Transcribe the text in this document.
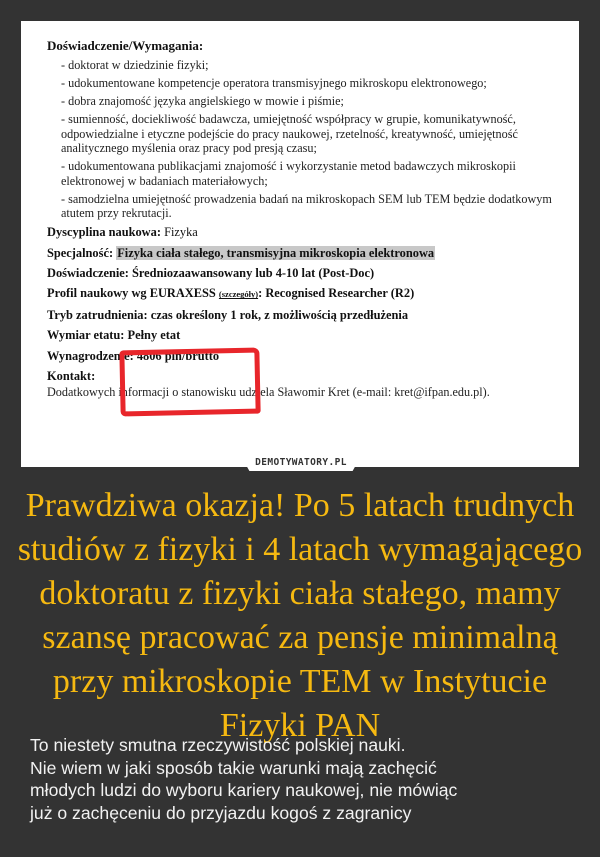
Doświadczenie/Wymagania:
- doktorat w dziedzinie fizyki;
- udokumentowane kompetencje operatora transmisyjnego mikroskopu elektronowego;
- dobra znajomość języka angielskiego w mowie i piśmie;
- sumienność, dociekliwość badawcza, umiejętność współpracy w grupie, komunikatywność, odpowiedzialne i etyczne podejście do pracy naukowej, rzetelność, kreatywność, umiejętność analitycznego myślenia oraz pracy pod presją czasu;
- udokumentowana publikacjami znajomość i wykorzystanie metod badawczych mikroskopii elektronowej w badaniach materiałowych;
- samodzielna umiejętność prowadzenia badań na mikroskopach SEM lub TEM będzie dodatkowym atutem przy rekrutacji.
Dyscyplina naukowa: Fizyka
Specjalność: Fizyka ciała stałego, transmisyjna mikroskopia elektronowa
Doświadczenie: Średniozaawansowany lub 4-10 lat (Post-Doc)
Profil naukowy wg EURAXESS (szczegóły): Recognised Researcher (R2)
Tryb zatrudnienia: czas określony 1 rok, z możliwością przedłużenia
Wymiar etatu: Pełny etat
Wynagrodzenie: 4806 pln/brutto
Kontakt:
Dodatkowych informacji o stanowisku udziela Sławomir Kret (e-mail: kret@ifpan.edu.pl).
DEMOTYWATORY.PL
Prawdziwa okazja! Po 5 latach trudnych studiów z fizyki i 4 latach wymagającego doktoratu z fizyki ciała stałego, mamy szansę pracować za pensje minimalną przy mikroskopie TEM w Instytucie Fizyki PAN

To niestety smutna rzeczywistość polskiej nauki.
Nie wiem w jaki sposób takie warunki mają zachęcić
młodych ludzi do wyboru kariery naukowej, nie mówiąc
już o zachęceniu do przyjazdu kogoś z zagranicy
